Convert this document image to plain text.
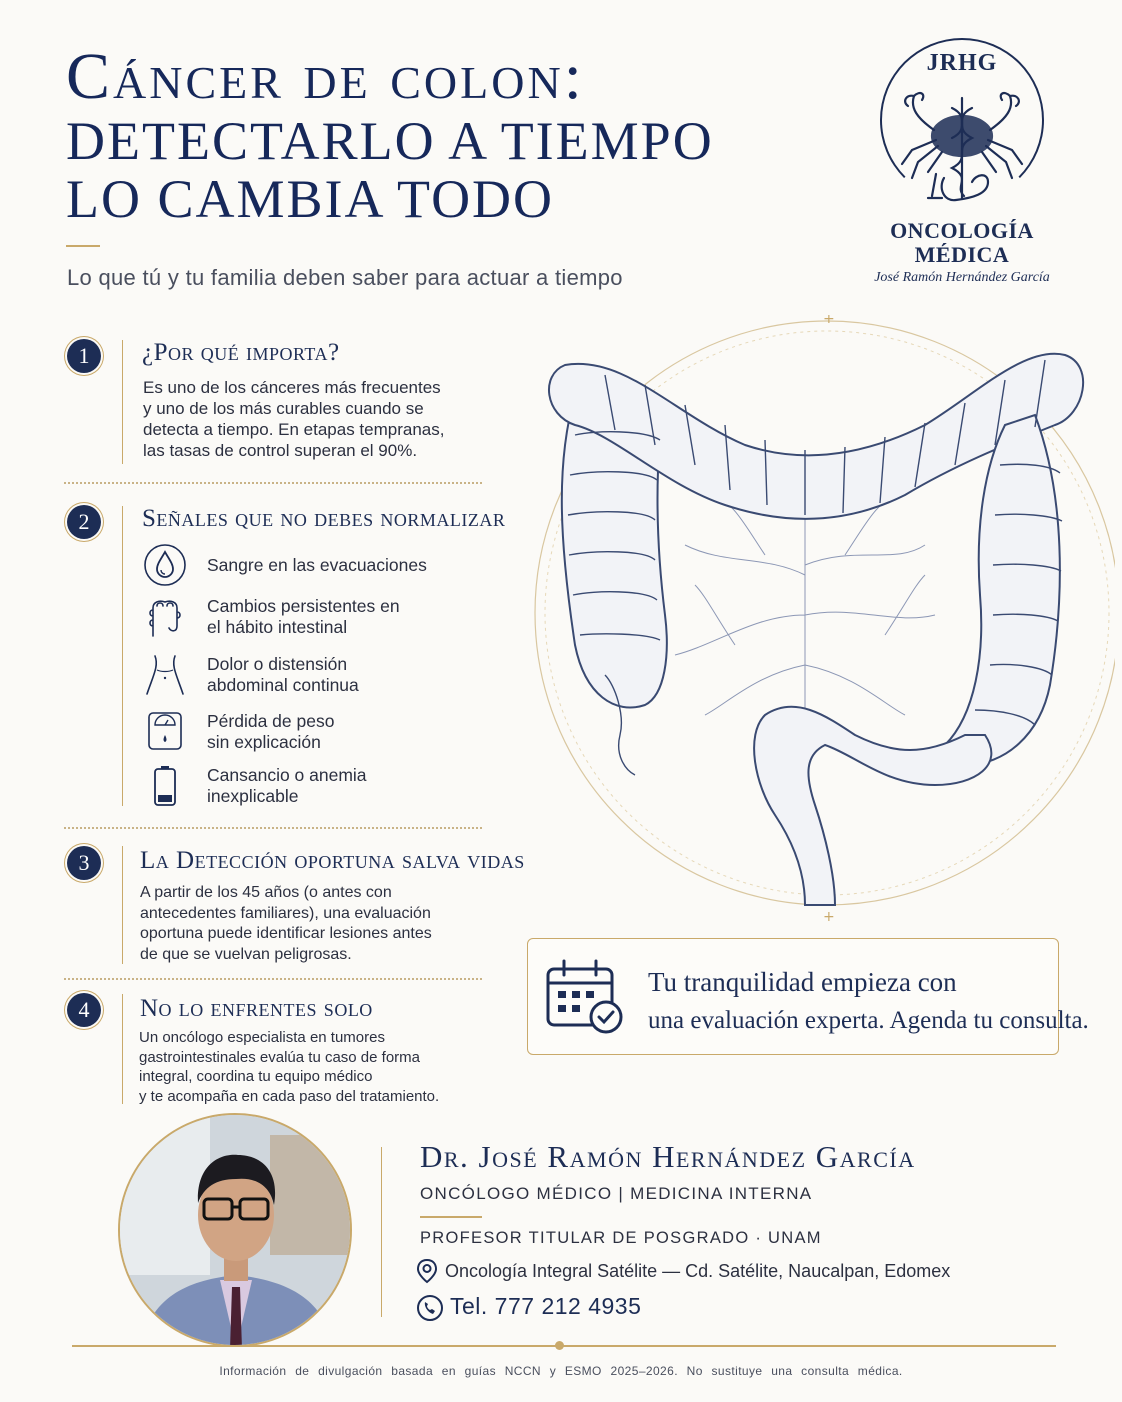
Cáncer de colon:
DETECTARLO A TIEMPO
LO CAMBIA TODO
Lo que tú y tu familia deben saber para actuar a tiempo
JRHG
ONCOLOGÍA
MÉDICA
José Ramón Hernández García
1	¿Por qué importa?
Es uno de los cánceres más frecuentes
y uno de los más curables cuando se
detecta a tiempo. En etapas tempranas,
las tasas de control superan el 90%.
2	Señales que no debes normalizar
Sangre en las evacuaciones
Cambios persistentes en
el hábito intestinal
Dolor o distensión
abdominal continua
Pérdida de peso
sin explicación
Cansancio o anemia
inexplicable
3	La Detección oportuna salva vidas
A partir de los 45 años (o antes con
antecedentes familiares), una evaluación
oportuna puede identificar lesiones antes
de que se vuelvan peligrosas.
4	No lo enfrentes solo
Un oncólogo especialista en tumores
gastrointestinales evalúa tu caso de forma
integral, coordina tu equipo médico
y te acompaña en cada paso del tratamiento.
+
+
Tu tranquilidad empieza con
una evaluación experta. Agenda tu consulta.
Dr. José Ramón Hernández García
ONCÓLOGO MÉDICO | MEDICINA INTERNA
PROFESOR TITULAR DE POSGRADO · UNAM
Oncología Integral Satélite — Cd. Satélite, Naucalpan, Edomex
Tel. 777 212 4935
Información de divulgación basada en guías NCCN y ESMO 2025–2026. No sustituye una consulta médica.
